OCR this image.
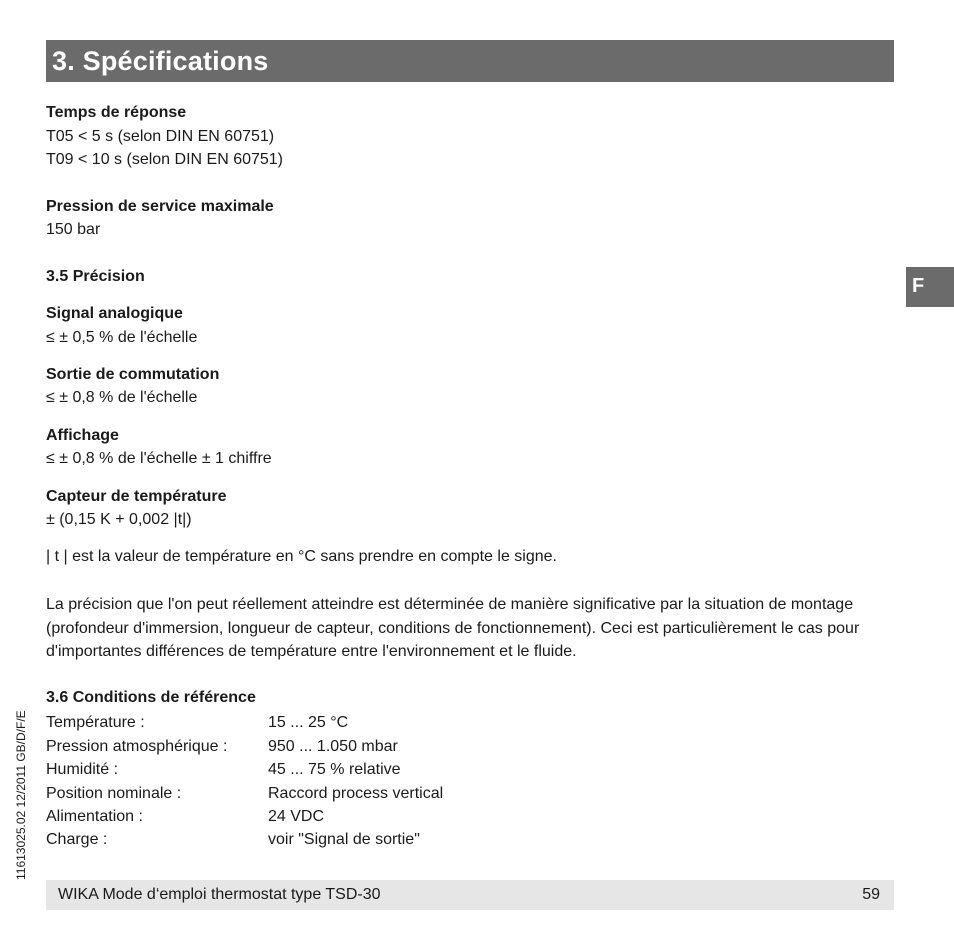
3. Spécifications
F
Temps de réponse
T05 < 5 s (selon DIN EN 60751)
T09 < 10 s (selon DIN EN 60751)
Pression de service maximale
150 bar
3.5 Précision
Signal analogique
≤ ± 0,5 % de l'échelle
Sortie de commutation
≤ ± 0,8 % de l'échelle
Affichage
≤ ± 0,8 % de l'échelle ± 1 chiffre
Capteur de température
± (0,15 K + 0,002 |t|)
| t | est la valeur de température en °C sans prendre en compte le signe.
La précision que l'on peut réellement atteindre est déterminée de manière significative par la situation de montage (profondeur d'immersion, longueur de capteur, conditions de fonctionnement). Ceci est particulièrement le cas pour d'importantes différences de température entre l'environnement et le fluide.
3.6 Conditions de référence
Température :	15 ... 25 °C
Pression atmosphérique :	950 ... 1.050 mbar
Humidité :	45 ... 75 % relative
Position nominale :	Raccord process vertical
Alimentation :	24 VDC
Charge :	voir "Signal de sortie"
11613025.02 12/2011 GB/D/F/E
WIKA Mode d‘emploi thermostat type TSD-30	59
